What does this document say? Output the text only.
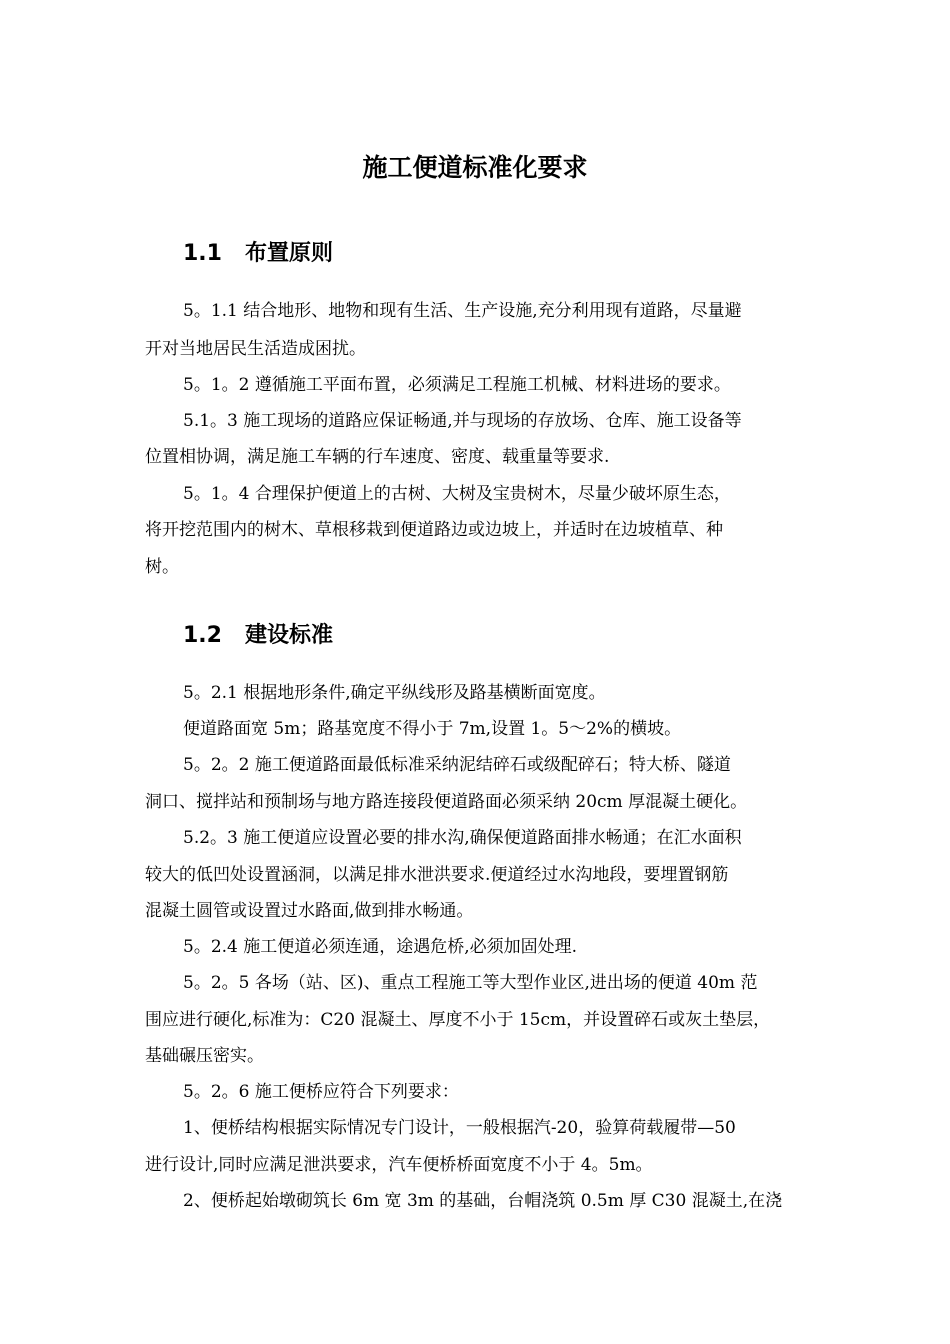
施工便道标准化要求
1.1 布置原则
5。1.1 结合地形、地物和现有生活、生产设施,充分利用现有道路，尽量避
开对当地居民生活造成困扰。
5。1。2 遵循施工平面布置，必须满足工程施工机械、材料进场的要求。
5.1。3 施工现场的道路应保证畅通,并与现场的存放场、仓库、施工设备等
位置相协调，满足施工车辆的行车速度、密度、载重量等要求.
5。1。4 合理保护便道上的古树、大树及宝贵树木，尽量少破坏原生态，
将开挖范围内的树木、草根移栽到便道路边或边坡上，并适时在边坡植草、种
树。
1.2 建设标准
5。2.1 根据地形条件,确定平纵线形及路基横断面宽度。
便道路面宽 5m；路基宽度不得小于 7m,设置 1。5～2%的横坡。
5。2。2 施工便道路面最低标准采纳泥结碎石或级配碎石；特大桥、隧道
洞口、搅拌站和预制场与地方路连接段便道路面必须采纳 20cm 厚混凝土硬化。
5.2。3 施工便道应设置必要的排水沟,确保便道路面排水畅通；在汇水面积
较大的低凹处设置涵洞，以满足排水泄洪要求.便道经过水沟地段，要埋置钢筋
混凝土圆管或设置过水路面,做到排水畅通。
5。2.4 施工便道必须连通，途遇危桥,必须加固处理.
5。2。5 各场（站、区)、重点工程施工等大型作业区,进出场的便道 40m 范
围应进行硬化,标准为：C20 混凝土、厚度不小于 15cm，并设置碎石或灰土垫层，
基础碾压密实。
5。2。6 施工便桥应符合下列要求：
1、便桥结构根据实际情况专门设计，一般根据汽-20，验算荷载履带—50
进行设计,同时应满足泄洪要求，汽车便桥桥面宽度不小于 4。5m。
2、便桥起始墩砌筑长 6m 宽 3m 的基础，台帽浇筑 0.5m 厚 C30 混凝土,在浇
